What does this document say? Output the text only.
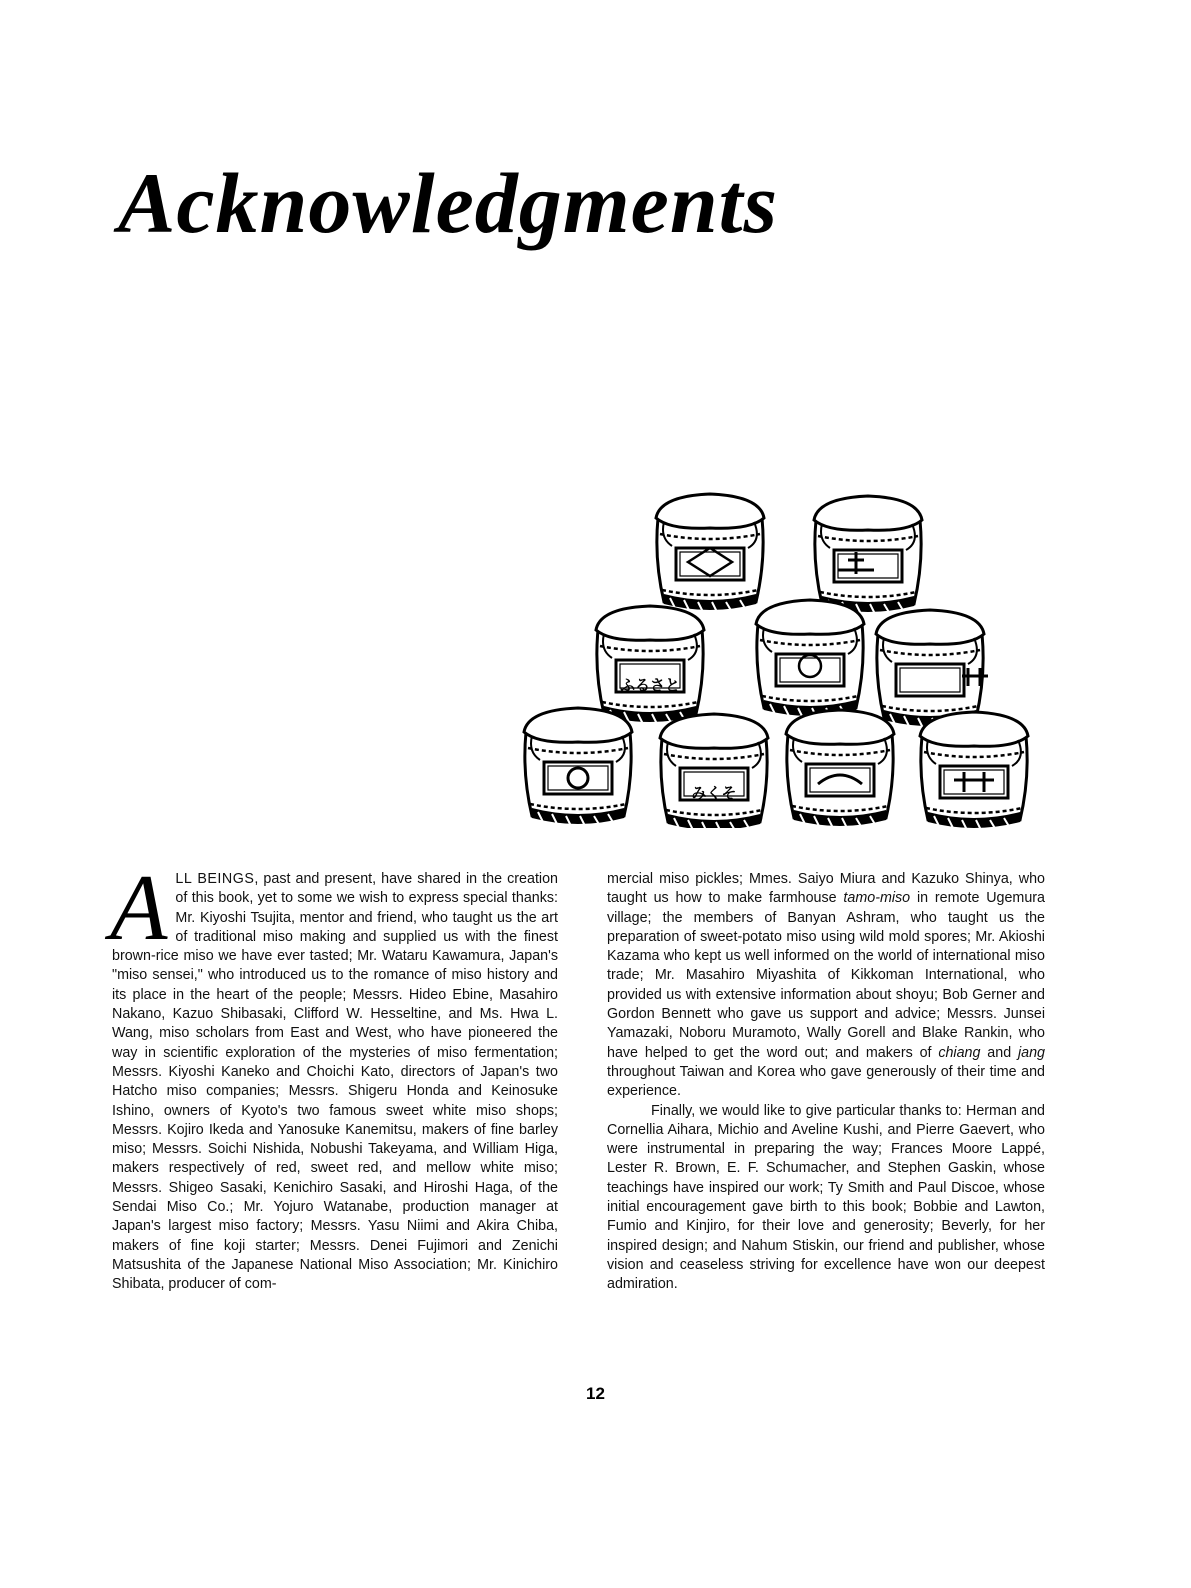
Acknowledgments
ふるさと
みくそ

ALL BEINGS, past and present, have shared in the creation of this book, yet to some we wish to express special thanks: Mr. Kiyoshi Tsujita, mentor and friend, who taught us the art of traditional miso making and supplied us with the finest brown-rice miso we have ever tasted; Mr. Wataru Kawamura, Japan's "miso sensei," who introduced us to the romance of miso history and its place in the heart of the people; Messrs. Hideo Ebine, Masahiro Nakano, Kazuo Shibasaki, Clifford W. Hesseltine, and Ms. Hwa L. Wang, miso scholars from East and West, who have pioneered the way in scientific exploration of the mysteries of miso fermentation; Messrs. Kiyoshi Kaneko and Choichi Kato, directors of Japan's two Hatcho miso companies; Messrs. Shigeru Honda and Keinosuke Ishino, owners of Kyoto's two famous sweet white miso shops; Messrs. Kojiro Ikeda and Yanosuke Kanemitsu, makers of fine barley miso; Messrs. Soichi Nishida, Nobushi Takeyama, and William Higa, makers respectively of red, sweet red, and mellow white miso; Messrs. Shigeo Sasaki, Kenichiro Sasaki, and Hiroshi Haga, of the Sendai Miso Co.; Mr. Yojuro Watanabe, production manager at Japan's largest miso factory; Messrs. Yasu Niimi and Akira Chiba, makers of fine koji starter; Messrs. Denei Fujimori and Zenichi Matsushita of the Japanese National Miso Association; Mr. Kinichiro Shibata, producer of com-

mercial miso pickles; Mmes. Saiyo Miura and Kazuko Shinya, who taught us how to make farmhouse tamo-miso in remote Ugemura village; the members of Banyan Ashram, who taught us the preparation of sweet-potato miso using wild mold spores; Mr. Akioshi Kazama who kept us well informed on the world of international miso trade; Mr. Masahiro Miyashita of Kikkoman International, who provided us with extensive information about shoyu; Bob Gerner and Gordon Bennett who gave us support and advice; Messrs. Junsei Yamazaki, Noboru Muramoto, Wally Gorell and Blake Rankin, who have helped to get the word out; and makers of chiang and jang throughout Taiwan and Korea who gave generously of their time and experience.

Finally, we would like to give particular thanks to: Herman and Cornellia Aihara, Michio and Aveline Kushi, and Pierre Gaevert, who were instrumental in preparing the way; Frances Moore Lappé, Lester R. Brown, E. F. Schumacher, and Stephen Gaskin, whose teachings have inspired our work; Ty Smith and Paul Discoe, whose initial encouragement gave birth to this book; Bobbie and Lawton, Fumio and Kinjiro, for their love and generosity; Beverly, for her inspired design; and Nahum Stiskin, our friend and publisher, whose vision and ceaseless striving for excellence have won our deepest admiration.

12
